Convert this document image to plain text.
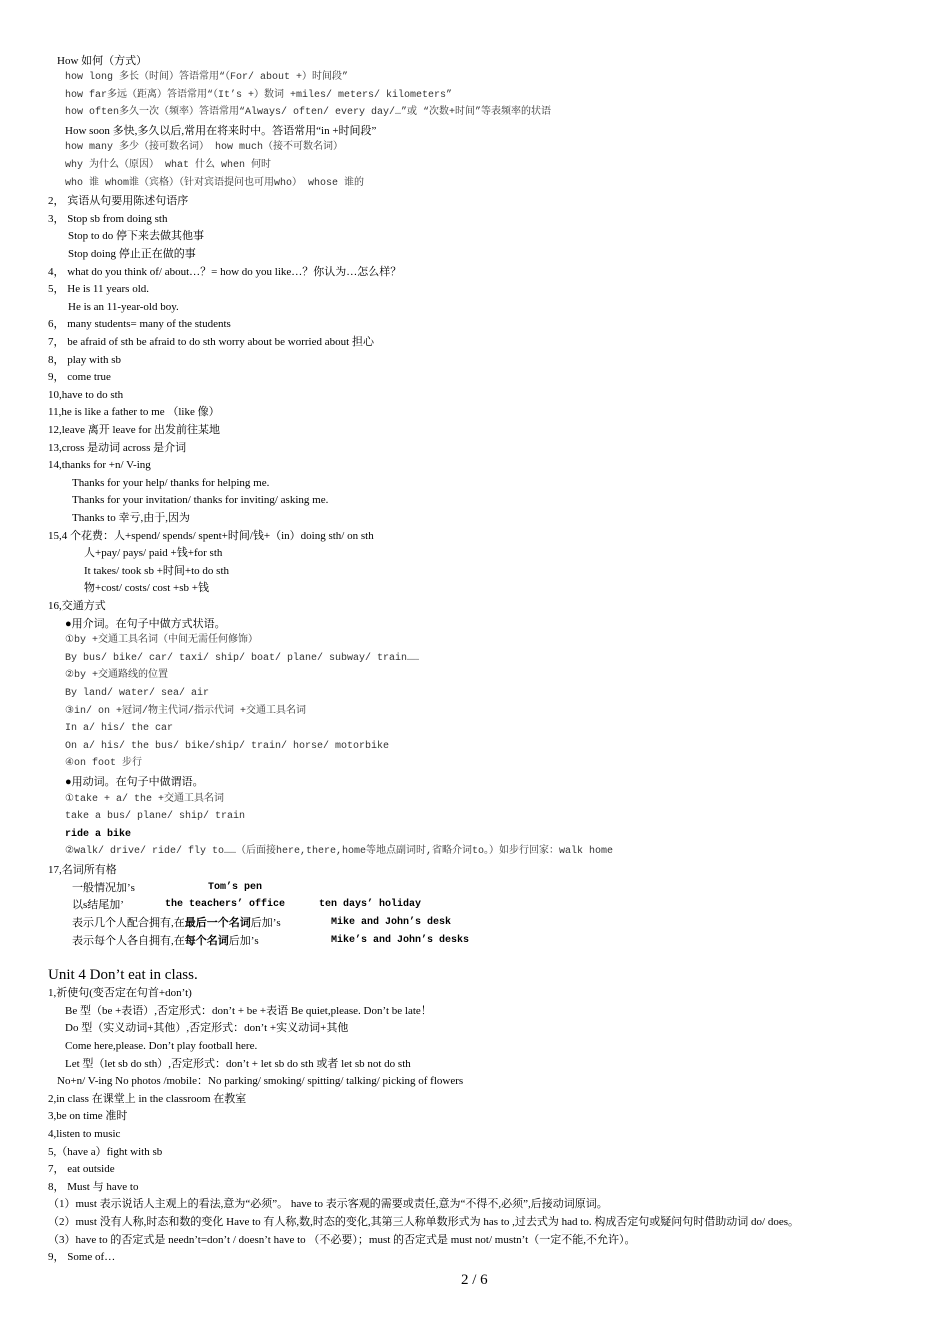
How 如何（方式）
how long 多长（时间）答语常用“（For/ about +）时间段”
how far多远（距离）答语常用“（It’s +）数词 +miles/ meters/ kilometers”
how often多久一次（频率）答语常用“Always/ often/ every day/…”或 “次数+时间”等表频率的状语
How soon 多快,多久以后,常用在将来时中。答语常用“in +时间段”
how many 多少（接可数名词） how much（接不可数名词）
why 为什么（原因） what 什么 when 何时
who 谁 whom谁（宾格）（针对宾语提问也可用who） whose 谁的
2， 宾语从句要用陈述句语序
3， Stop sb from doing sth
Stop to do 停下来去做其他事
Stop doing 停止正在做的事
4， what do you think of/ about…？= how do you like…？你认为…怎么样？
5， He is 11 years old.
He is an 11-year-old boy.
6， many students= many of the students
7， be afraid of sth be afraid to do sth worry about be worried about 担心
8， play with sb
9， come true
10,have to do sth
11,he is like a father to me （like 像）
12,leave 离开 leave for 出发前往某地
13,cross 是动词 across 是介词
14,thanks for +n/ V-ing
Thanks for your help/ thanks for helping me.
Thanks for your invitation/ thanks for inviting/ asking me.
Thanks to 幸亏,由于,因为
15,4 个花费：人+spend/ spends/ spent+时间/钱+（in）doing sth/ on sth
人+pay/ pays/ paid +钱+for sth
It takes/ took sb +时间+to do sth
物+cost/ costs/ cost +sb +钱
16,交通方式
●用介词。在句子中做方式状语。
①by +交通工具名词（中间无需任何修饰）
By bus/ bike/ car/ taxi/ ship/ boat/ plane/ subway/ train……
②by +交通路线的位置
By land/ water/ sea/ air
③in/ on +冠词/物主代词/指示代词 +交通工具名词
In a/ his/ the car
On a/ his/ the bus/ bike/ship/ train/ horse/ motorbike
④on foot 步行
●用动词。在句子中做谓语。
①take + a/ the +交通工具名词
take a bus/ plane/ ship/ train
ride a bike
②walk/ drive/ ride/ fly to……（后面接here,there,home等地点副词时,省略介词to。）如步行回家：walk home
17,名词所有格
一般情况加’s	Tom’s pen
以s结尾加’	the teachers’ office	ten days’ holiday
表示几个人配合拥有,在最后一个名词后加’s	Mike and John’s desk
表示每个人各自拥有,在每个名词后加’s	Mike’s and John’s desks
Unit 4 Don’t eat in class.
1,祈使句(变否定在句首+don’t)
Be 型（be +表语）,否定形式：don’t + be +表语 Be quiet,please. Don’t be late！
Do 型（实义动词+其他）,否定形式：don’t +实义动词+其他
Come here,please. Don’t play football here.
Let 型（let sb do sth）,否定形式：don’t + let sb do sth 或者 let sb not do sth
No+n/ V-ing No photos /mobile：No parking/ smoking/ spitting/ talking/ picking of flowers
2,in class 在课堂上 in the classroom 在教室
3,be on time 准时
4,listen to music
5,（have a）fight with sb
7， eat outside
8， Must 与 have to
（1）must 表示说话人主观上的看法,意为“必须”。 have to 表示客观的需要或责任,意为“不得不,必须”,后接动词原词。
（2）must 没有人称,时态和数的变化 Have to 有人称,数,时态的变化,其第三人称单数形式为 has to ,过去式为 had to. 构成否定句或疑问句时借助动词 do/ does。
（3）have to 的否定式是 needn’t=don’t / doesn’t have to （不必要）；must 的否定式是 must not/ mustn’t（一定不能,不允许）。
9， Some of…
2 / 6
